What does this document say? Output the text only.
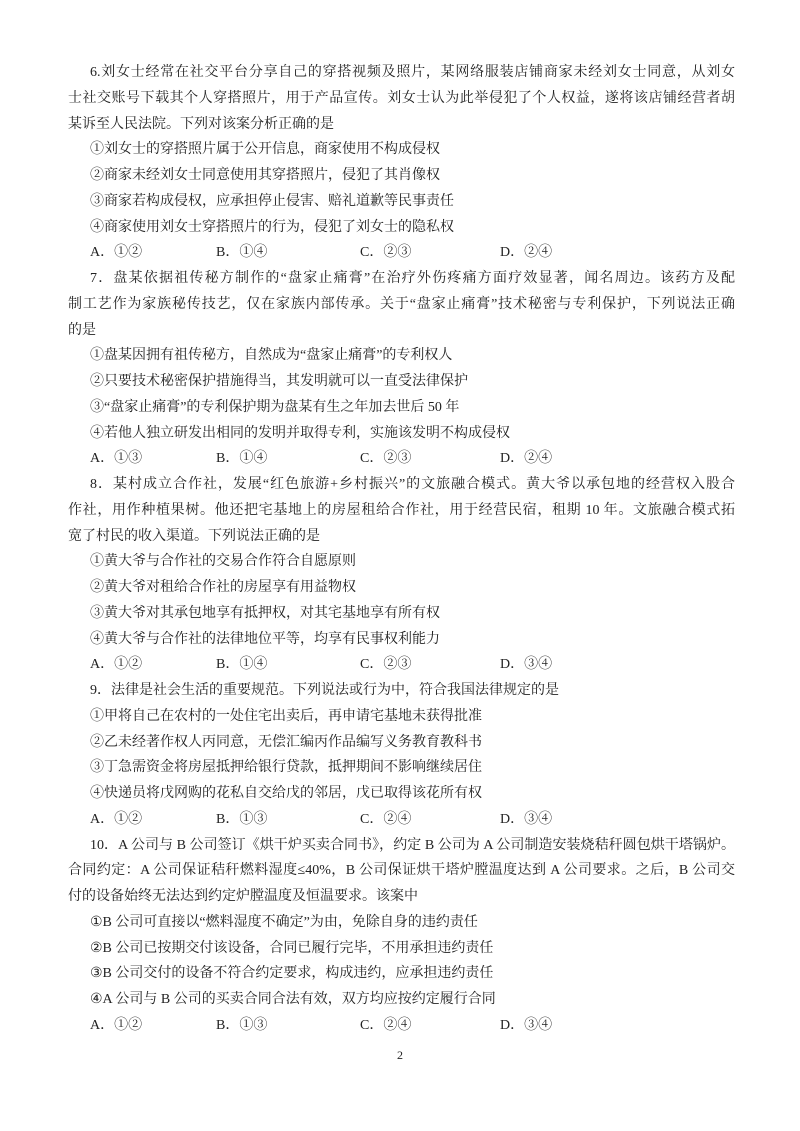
6.刘女士经常在社交平台分享自己的穿搭视频及照片，某网络服装店铺商家未经刘女士同意，从刘女
士社交账号下载其个人穿搭照片，用于产品宣传。刘女士认为此举侵犯了个人权益，遂将该店铺经营者胡
某诉至人民法院。下列对该案分析正确的是
①刘女士的穿搭照片属于公开信息，商家使用不构成侵权
②商家未经刘女士同意使用其穿搭照片，侵犯了其肖像权
③商家若构成侵权，应承担停止侵害、赔礼道歉等民事责任
④商家使用刘女士穿搭照片的行为，侵犯了刘女士的隐私权
A．①②	B．①④	C．②③	D．②④
7．盘某依据祖传秘方制作的“盘家止痛膏”在治疗外伤疼痛方面疗效显著，闻名周边。该药方及配
制工艺作为家族秘传技艺，仅在家族内部传承。关于“盘家止痛膏”技术秘密与专利保护，下列说法正确
的是
①盘某因拥有祖传秘方，自然成为“盘家止痛膏”的专利权人
②只要技术秘密保护措施得当，其发明就可以一直受法律保护
③“盘家止痛膏”的专利保护期为盘某有生之年加去世后 50 年
④若他人独立研发出相同的发明并取得专利，实施该发明不构成侵权
A．①③	B．①④	C．②③	D．②④
8．某村成立合作社，发展“红色旅游+乡村振兴”的文旅融合模式。黄大爷以承包地的经营权入股合
作社，用作种植果树。他还把宅基地上的房屋租给合作社，用于经营民宿，租期 10 年。文旅融合模式拓
宽了村民的收入渠道。下列说法正确的是
①黄大爷与合作社的交易合作符合自愿原则
②黄大爷对租给合作社的房屋享有用益物权
③黄大爷对其承包地享有抵押权，对其宅基地享有所有权
④黄大爷与合作社的法律地位平等，均享有民事权利能力
A．①②	B．①④	C．②③	D．③④
9．法律是社会生活的重要规范。下列说法或行为中，符合我国法律规定的是
①甲将自己在农村的一处住宅出卖后，再申请宅基地未获得批准
②乙未经著作权人丙同意，无偿汇编丙作品编写义务教育教科书
③丁急需资金将房屋抵押给银行贷款，抵押期间不影响继续居住
④快递员将戊网购的花私自交给戊的邻居，戊已取得该花所有权
A．①②	B．①③	C．②④	D．③④
10．A 公司与 B 公司签订《烘干炉买卖合同书》，约定 B 公司为 A 公司制造安装烧秸秆圆包烘干塔锅炉。
合同约定：A 公司保证秸秆燃料湿度≤40%，B 公司保证烘干塔炉膛温度达到 A 公司要求。之后，B 公司交
付的设备始终无法达到约定炉膛温度及恒温要求。该案中
①B 公司可直接以“燃料湿度不确定”为由，免除自身的违约责任
②B 公司已按期交付该设备，合同已履行完毕，不用承担违约责任
③B 公司交付的设备不符合约定要求，构成违约，应承担违约责任
④A 公司与 B 公司的买卖合同合法有效，双方均应按约定履行合同
A．①②	B．①③	C．②④	D．③④
2
